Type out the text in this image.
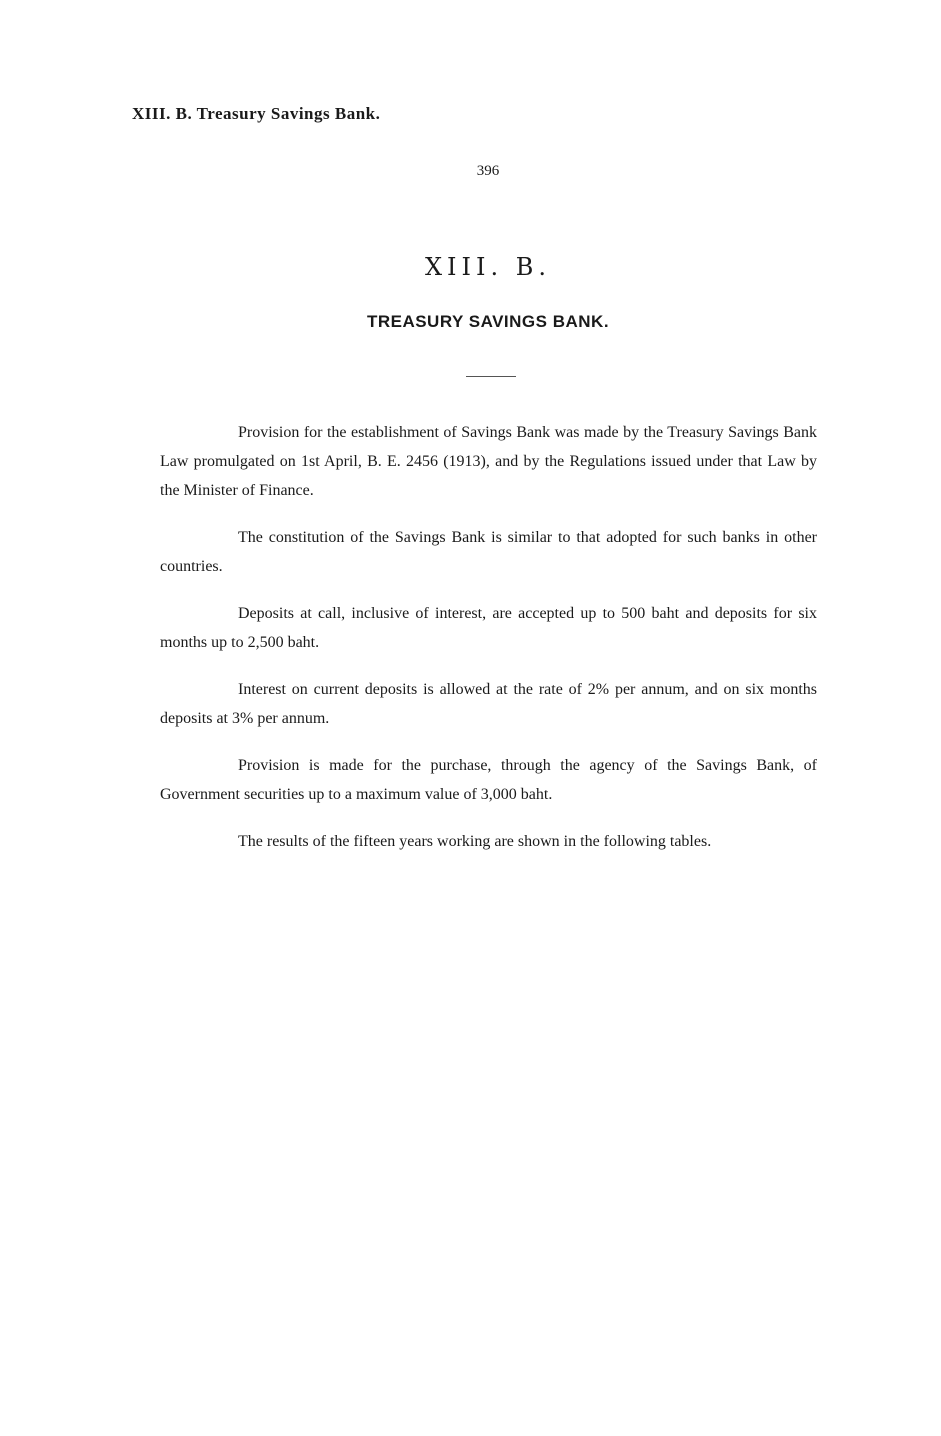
XIII. B. Treasury Savings Bank.
396
XIII. B.
TREASURY SAVINGS BANK.

Provision for the establishment of Savings Bank was made by the Treasury Savings Bank Law promulgated on 1st April, B. E. 2456 (1913), and by the Regulations issued under that Law by the Minister of Finance.

The constitution of the Savings Bank is similar to that adopted for such banks in other countries.

Deposits at call, inclusive of interest, are accepted up to 500 baht and deposits for six months up to 2,500 baht.

Interest on current deposits is allowed at the rate of 2% per annum, and on six months deposits at 3% per annum.

Provision is made for the purchase, through the agency of the Savings Bank, of Government securities up to a maximum value of 3,000 baht.

The results of the fifteen years working are shown in the following tables.
